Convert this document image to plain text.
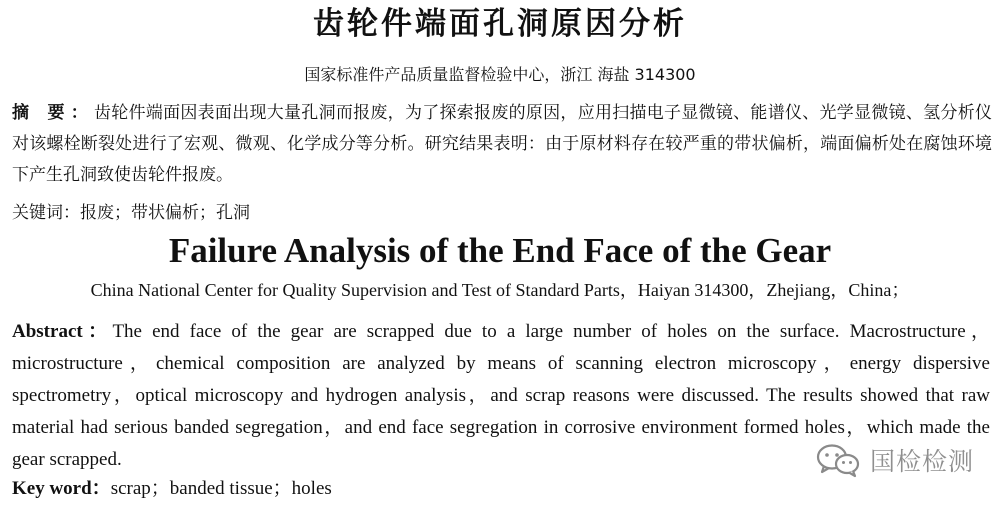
齿轮件端面孔洞原因分析
国家标准件产品质量监督检验中心，浙江 海盐 314300
摘 要：齿轮件端面因表面出现大量孔洞而报废，为了探索报废的原因，应用扫描电子显微镜、能谱仪、光学显微镜、氢分析仪对该螺栓断裂处进行了宏观、微观、化学成分等分析。研究结果表明：由于原材料存在较严重的带状偏析，端面偏析处在腐蚀环境下产生孔洞致使齿轮件报废。
关键词：报废；带状偏析；孔洞
Failure Analysis of the End Face of the Gear
China National Center for Quality Supervision and Test of Standard Parts，Haiyan 314300，Zhejiang，China；
Abstract：The end face of the gear are scrapped due to a large number of holes on the surface. Macrostructure，microstructure，chemical composition are analyzed by means of scanning electron microscopy，energy dispersive spectrometry，optical microscopy and hydrogen analysis，and scrap reasons were discussed. The results showed that raw material had serious banded segregation，and end face segregation in corrosive environment formed holes，which made the gear scrapped.
Key word：scrap；banded tissue；holes
国检检测
